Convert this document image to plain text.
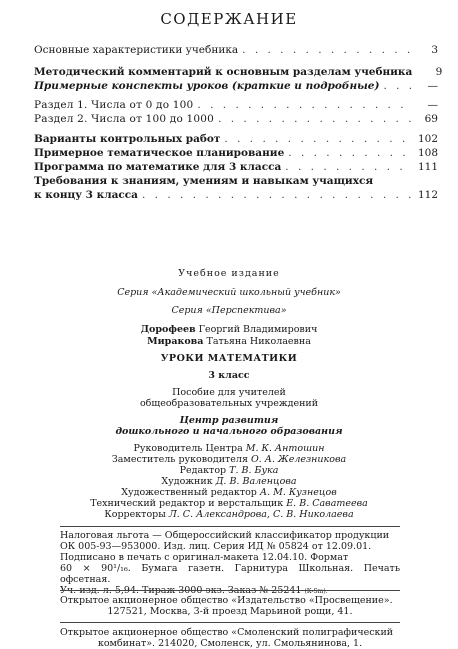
СОДЕРЖАНИЕ
Основные характеристики учебника . . .	3
Методический комментарий к основным разделам учебника	9
Примерные конспекты уроков (краткие и подробные) . . .	—
Раздел 1. Числа от 0 до 100 . . .	—
Раздел 2. Числа от 100 до 1000 . . .	69
Варианты контрольных работ . . .	102
Примерное тематическое планирование . . .	108
Программа по математике для 3 класса . . .	111
Требования к знаниям, умениям и навыкам учащихся
к концу 3 класса . . .	112
Учебное издание
Серия «Академический школьный учебник»
Серия «Перспектива»
Дорофеев Георгий Владимирович
Миракова Татьяна Николаевна
УРОКИ МАТЕМАТИКИ
3 класс
Пособие для учителей
общеобразовательных учреждений
Центр развития
дошкольного и начального образования
Руководитель Центра М. К. Антошин
Заместитель руководителя О. А. Железникова
Редактор Т. В. Бука
Художник Д. В. Валенцова
Художественный редактор А. М. Кузнецов
Технический редактор и верстальщик Е. В. Саватеева
Корректоры Л. С. Александрова, С. В. Николаева
Налоговая льгота — Общероссийский классификатор продукции
ОК 005-93—953000. Изд. лиц. Серия ИД № 05824 от 12.09.01.
Подписано в печать с оригинал-макета 12.04.10. Формат
60 × 90¹/₁₆. Бумага газетн. Гарнитура Школьная. Печать офсетная.
Уч.-изд. л. 5,94. Тираж 3000 экз. Заказ № 25241 (К-Sm).
Открытое акционерное общество «Издательство «Просвещение».
127521, Москва, 3-й проезд Марьиной рощи, 41.
Открытое акционерное общество «Смоленский полиграфический
комбинат». 214020, Смоленск, ул. Смольянинова, 1.
